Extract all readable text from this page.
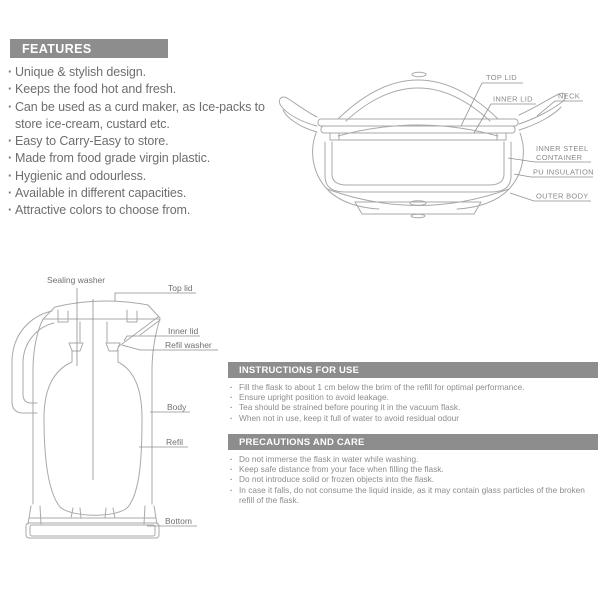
FEATURES
· Unique & stylish design.
· Keeps the food hot and fresh.
· Can be used as a curd maker, as Ice-packs to store ice-cream, custard etc.
· Easy to Carry-Easy to store.
· Made from food grade virgin plastic.
· Hygienic and odourless.
· Available in different capacities.
· Attractive colors to choose from.
TOP LID
INNER LID	NECK
INNER STEEL
CONTAINER
PU INSULATION
OUTER BODY
Sealing washer
Top lid
Inner lid
Refil washer
Body
Refil
Bottom
INSTRUCTIONS FOR USE
· Fill the flask to about 1 cm below the brim of the refill for optimal performance.
· Ensure upright position to avoid leakage.
· Tea should be strained before pouring it in the vacuum flask.
· When not in use, keep it full of water to avoid residual odour
PRECAUTIONS AND CARE
· Do not immerse the flask in water while washing.
· Keep safe distance from your face when filling the flask.
· Do not introduce solid or frozen objects into the flask.
· In case it falls, do not consume the liquid inside, as it may contain glass particles of the broken refill of the flask.
